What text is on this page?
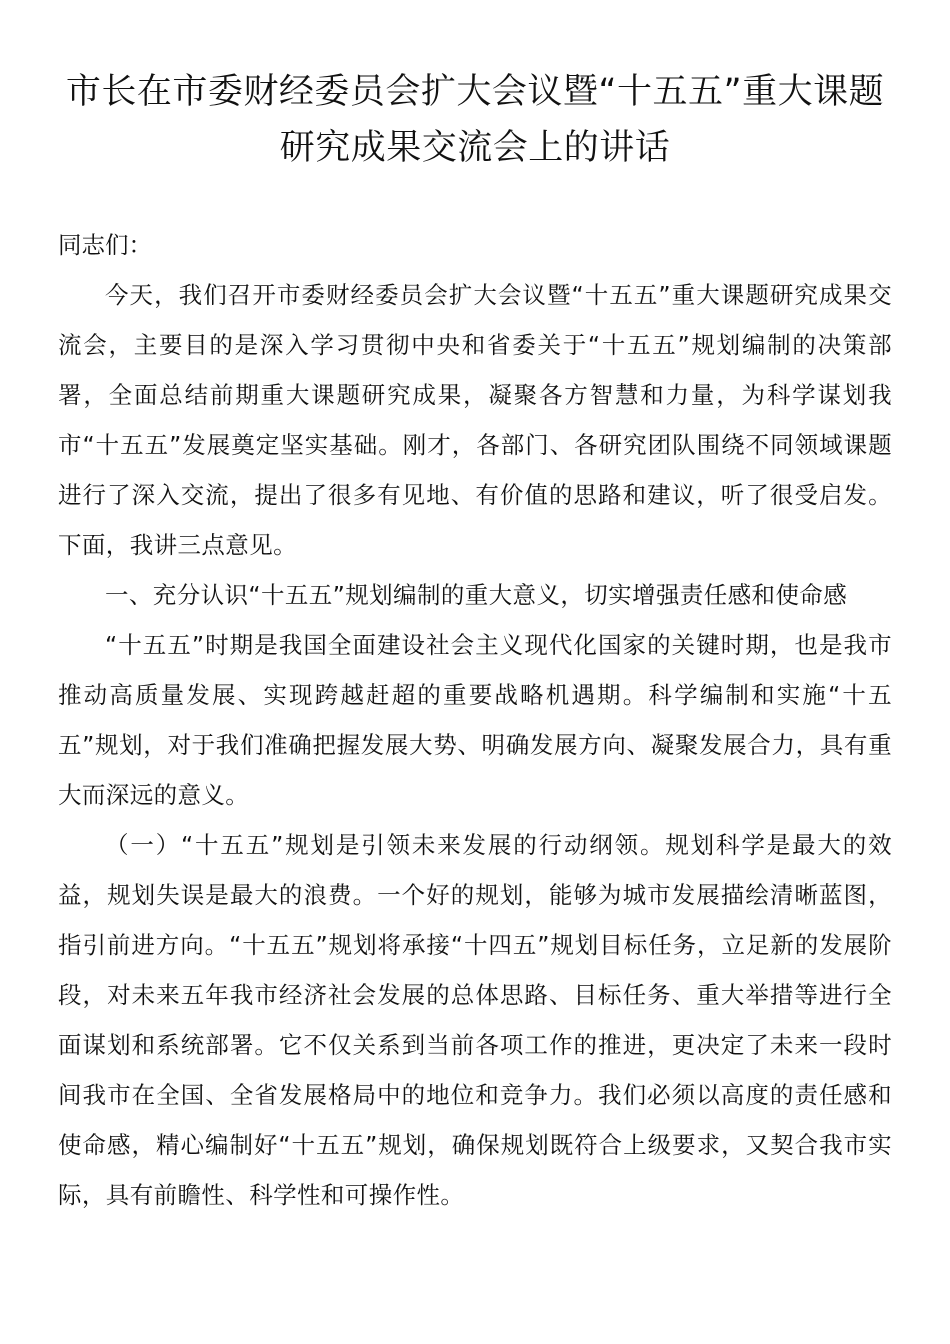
市长在市委财经委员会扩大会议暨“十五五”重大课题研究成果交流会上的讲话

同志们：

今天，我们召开市委财经委员会扩大会议暨“十五五”重大课题研究成果交流会，主要目的是深入学习贯彻中央和省委关于“十五五”规划编制的决策部署，全面总结前期重大课题研究成果，凝聚各方智慧和力量，为科学谋划我市“十五五”发展奠定坚实基础。刚才，各部门、各研究团队围绕不同领域课题进行了深入交流，提出了很多有见地、有价值的思路和建议，听了很受启发。下面，我讲三点意见。

一、充分认识“十五五”规划编制的重大意义，切实增强责任感和使命感

“十五五”时期是我国全面建设社会主义现代化国家的关键时期，也是我市推动高质量发展、实现跨越赶超的重要战略机遇期。科学编制和实施“十五五”规划，对于我们准确把握发展大势、明确发展方向、凝聚发展合力，具有重大而深远的意义。

（一）“十五五”规划是引领未来发展的行动纲领。规划科学是最大的效益，规划失误是最大的浪费。一个好的规划，能够为城市发展描绘清晰蓝图，指引前进方向。“十五五”规划将承接“十四五”规划目标任务，立足新的发展阶段，对未来五年我市经济社会发展的总体思路、目标任务、重大举措等进行全面谋划和系统部署。它不仅关系到当前各项工作的推进，更决定了未来一段时间我市在全国、全省发展格局中的地位和竞争力。我们必须以高度的责任感和使命感，精心编制好“十五五”规划，确保规划既符合上级要求，又契合我市实际，具有前瞻性、科学性和可操作性。
